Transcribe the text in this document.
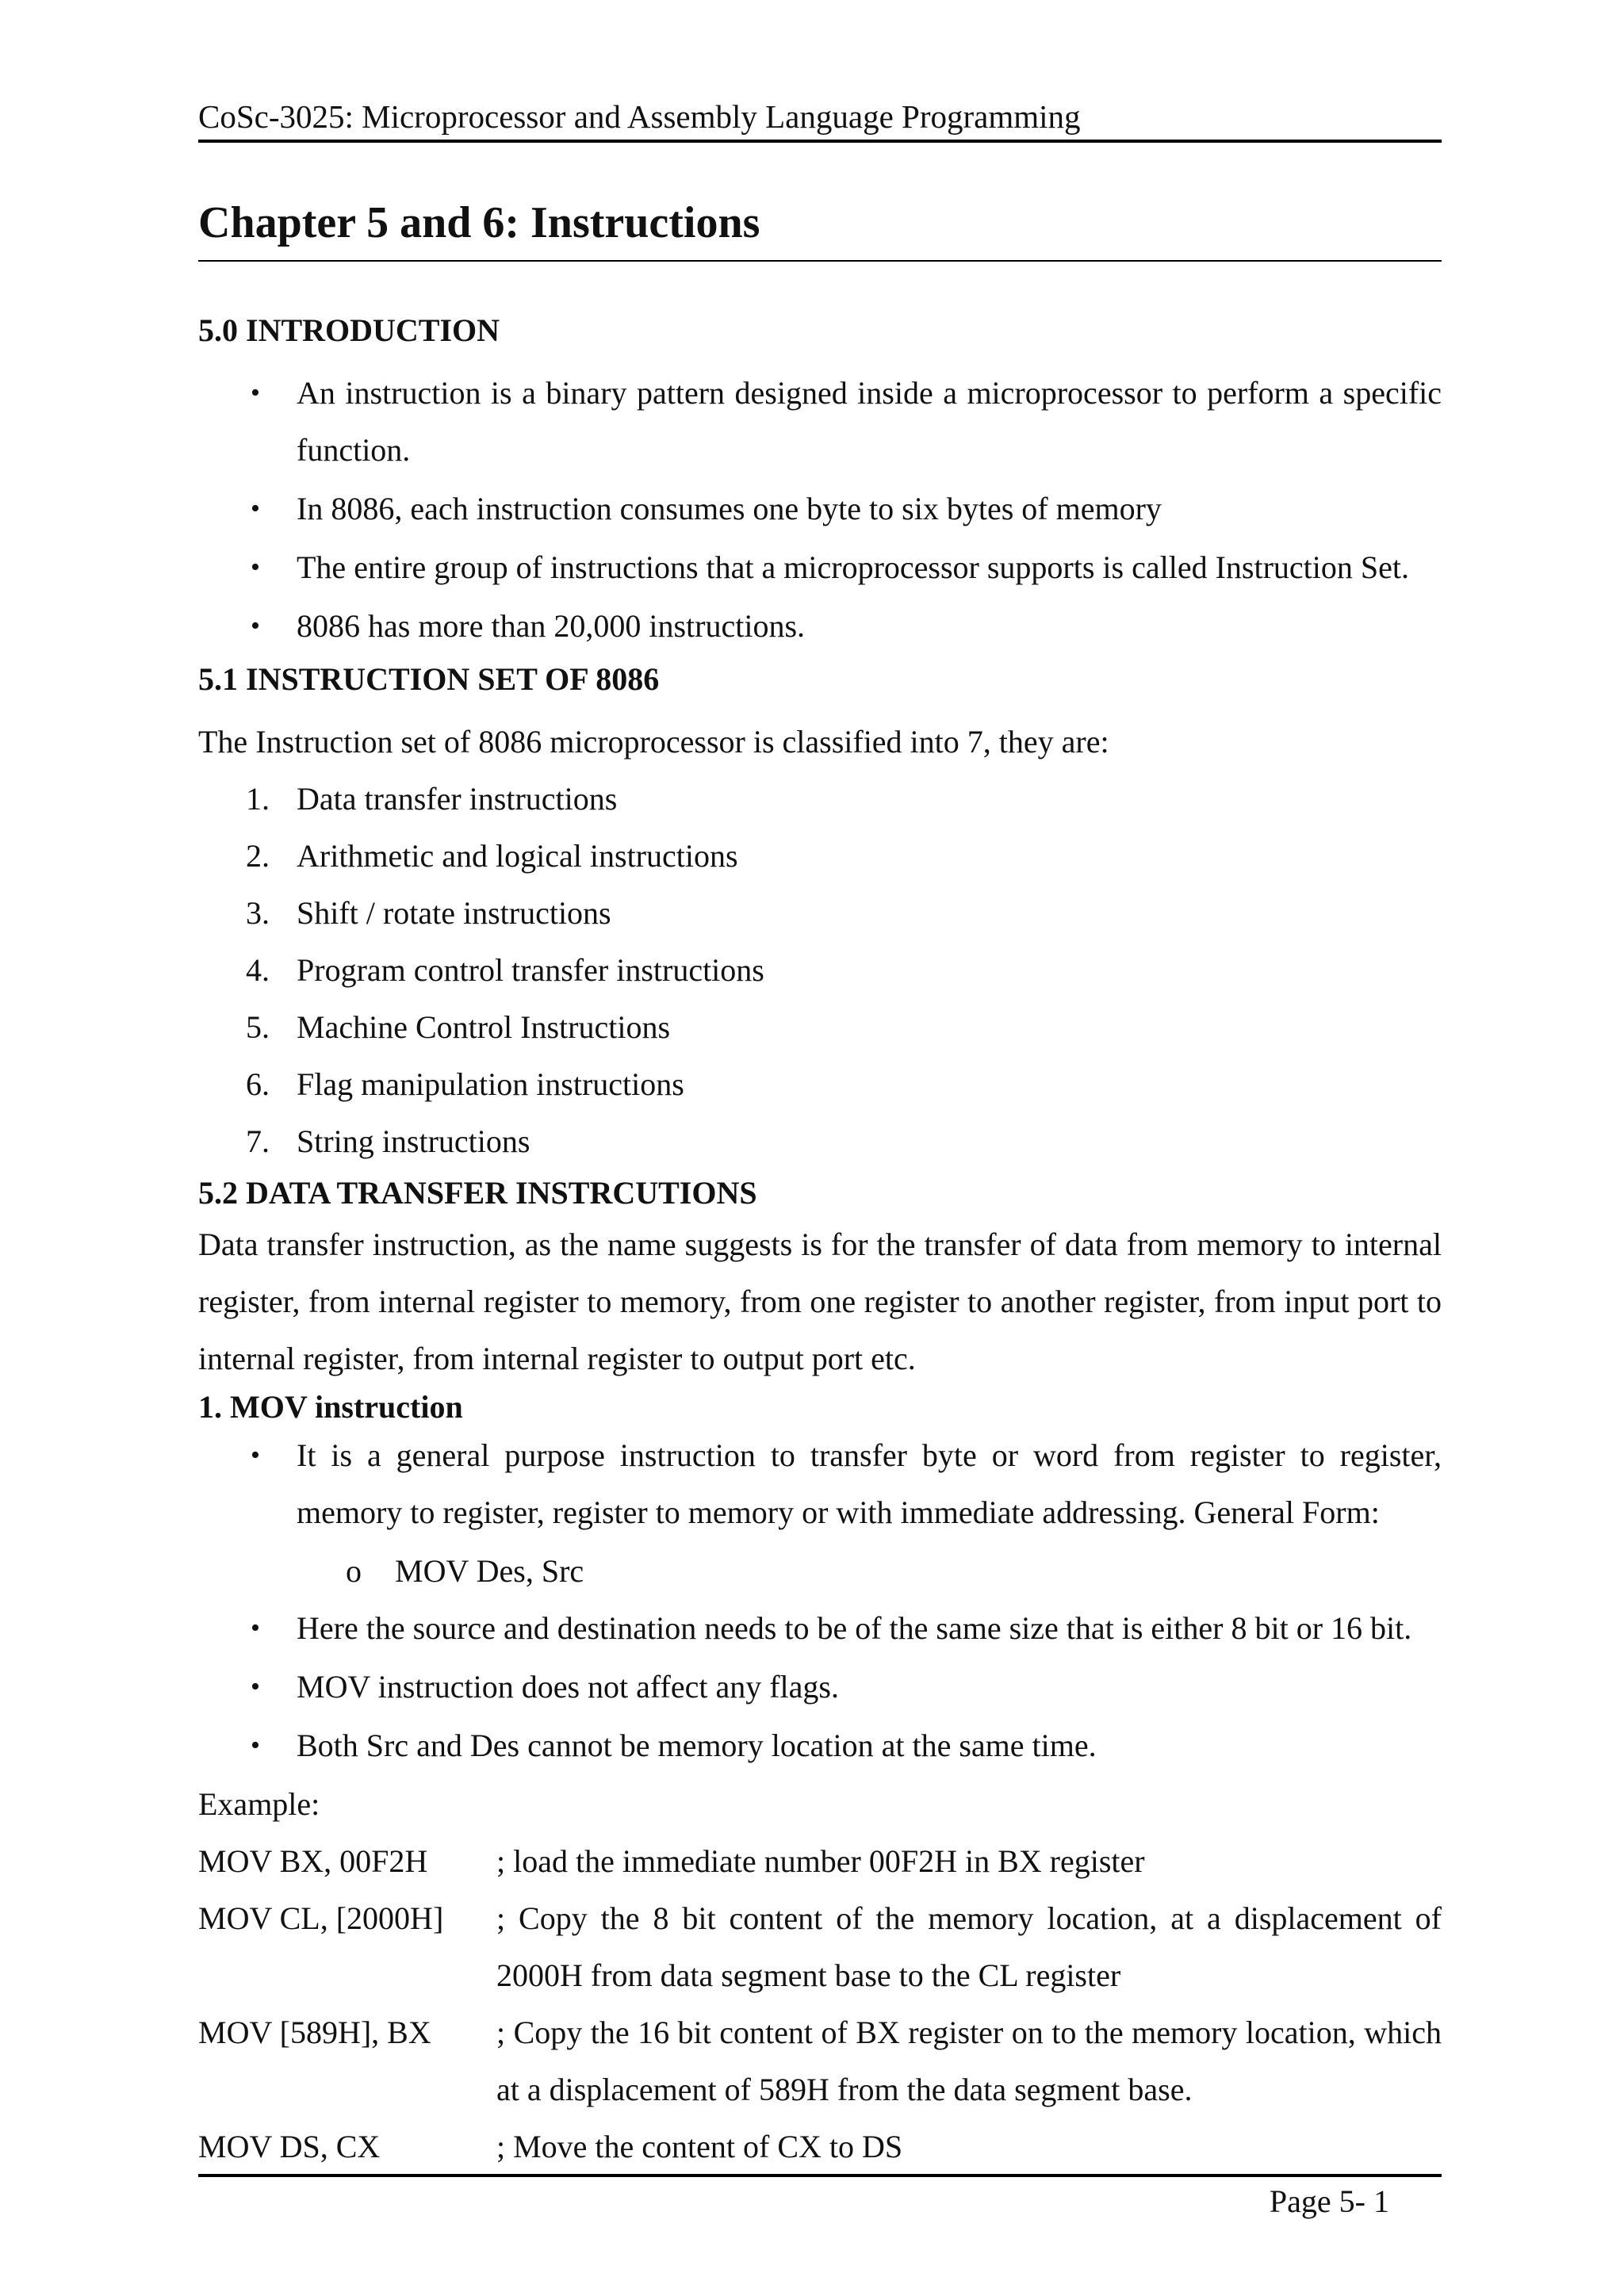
CoSc-3025: Microprocessor and Assembly Language Programming
Chapter 5 and 6: Instructions
5.0 INTRODUCTION
• An instruction is a binary pattern designed inside a microprocessor to perform a specific function.
• In 8086, each instruction consumes one byte to six bytes of memory
• The entire group of instructions that a microprocessor supports is called Instruction Set.
• 8086 has more than 20,000 instructions.
5.1 INSTRUCTION SET OF 8086

The Instruction set of 8086 microprocessor is classified into 7, they are:

1. Data transfer instructions
2. Arithmetic and logical instructions
3. Shift / rotate instructions
4. Program control transfer instructions
5. Machine Control Instructions
6. Flag manipulation instructions
7. String instructions
5.2 DATA TRANSFER INSTRCUTIONS

Data transfer instruction, as the name suggests is for the transfer of data from memory to internal register, from internal register to memory, from one register to another register, from input port to internal register, from internal register to output port etc.

1. MOV instruction
• It is a general purpose instruction to transfer byte or word from register to register, memory to register, register to memory or with immediate addressing. General Form:
o MOV Des, Src
• Here the source and destination needs to be of the same size that is either 8 bit or 16 bit.
• MOV instruction does not affect any flags.
• Both Src and Des cannot be memory location at the same time.

Example:

MOV BX, 00F2H	; load the immediate number 00F2H in BX register
MOV CL, [2000H]	; Copy the 8 bit content of the memory location, at a displacement of 2000H from data segment base to the CL register
MOV [589H], BX	; Copy the 16 bit content of BX register on to the memory location, which at a displacement of 589H from the data segment base.
MOV DS, CX	; Move the content of CX to DS
Page 5- 1
